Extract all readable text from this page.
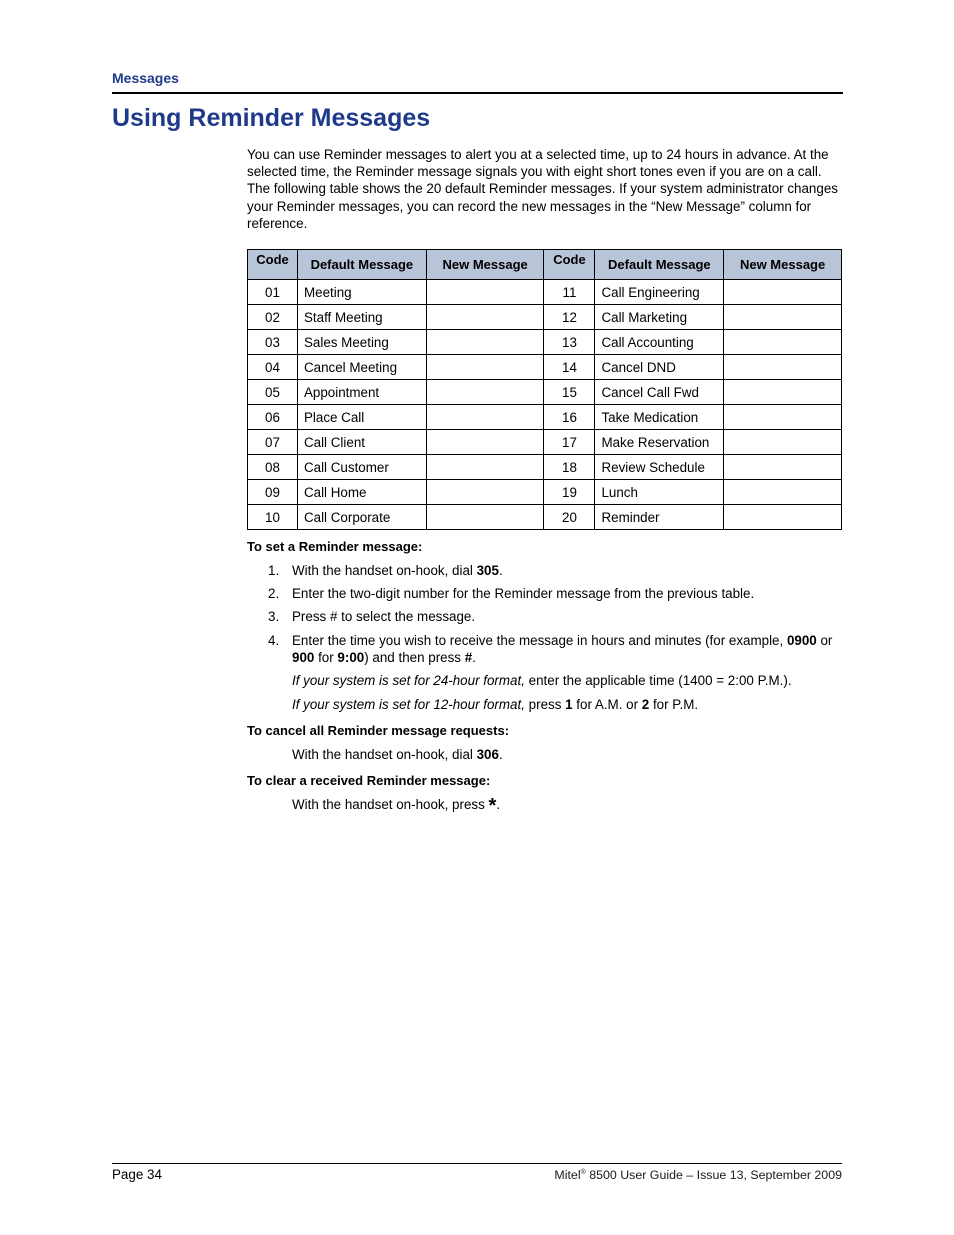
Messages
Using Reminder Messages

You can use Reminder messages to alert you at a selected time, up to 24 hours in advance. At the selected time, the Reminder message signals you with eight short tones even if you are on a call. The following table shows the 20 default Reminder messages. If your system administrator changes your Reminder messages, you can record the new messages in the “New Message” column for reference.

Code	Default Message	New Message	Code	Default Message	New Message
01	Meeting		11	Call Engineering	
02	Staff Meeting		12	Call Marketing	
03	Sales Meeting		13	Call Accounting	
04	Cancel Meeting		14	Cancel DND	
05	Appointment		15	Cancel Call Fwd	
06	Place Call		16	Take Medication	
07	Call Client		17	Make Reservation	
08	Call Customer		18	Review Schedule	
09	Call Home		19	Lunch	
10	Call Corporate		20	Reminder	
To set a Reminder message:
1. With the handset on-hook, dial 305.
2. Enter the two-digit number for the Reminder message from the previous table.
3. Press # to select the message.
4. Enter the time you wish to receive the message in hours and minutes (for example, 0900 or 900 for 9:00) and then press #.
If your system is set for 24-hour format, enter the applicable time (1400 = 2:00 P.M.).
If your system is set for 12-hour format, press 1 for A.M. or 2 for P.M.
To cancel all Reminder message requests:
With the handset on-hook, dial 306.
To clear a received Reminder message:
With the handset on-hook, press *.
Page 34	Mitel® 8500 User Guide – Issue 13, September 2009
